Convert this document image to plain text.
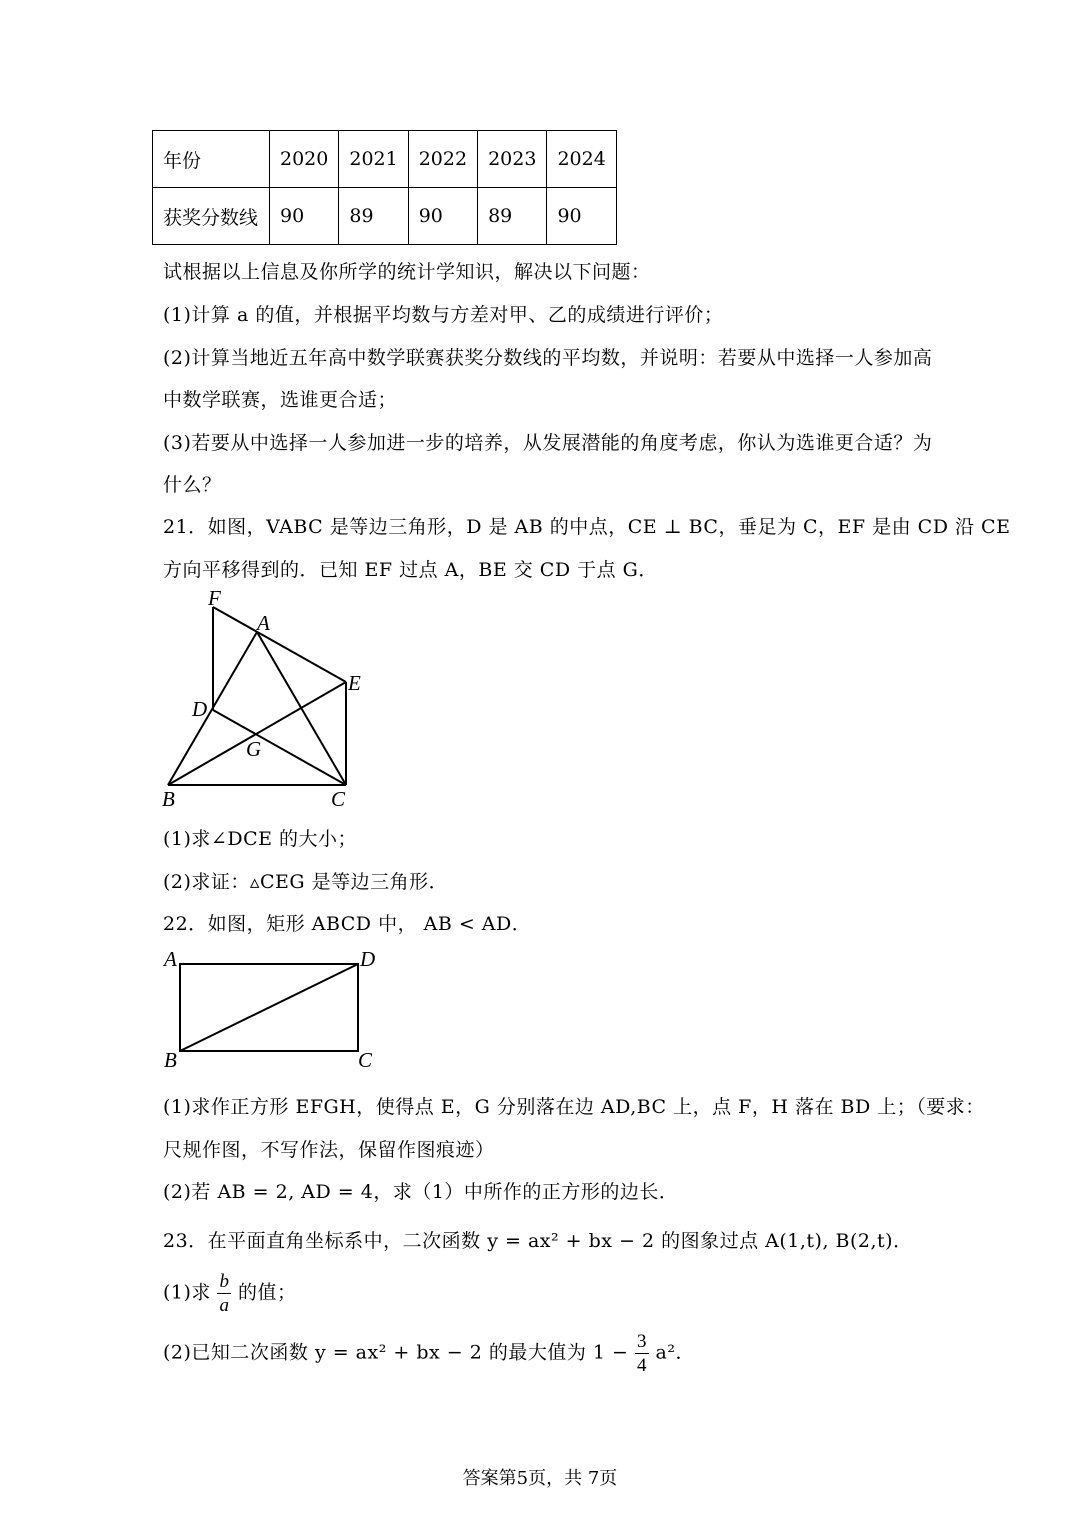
年份	2020	2021	2022	2023	2024
获奖分数线	90	89	90	89	90
试根据以上信息及你所学的统计学知识，解决以下问题：
(1)计算 a 的值，并根据平均数与方差对甲、乙的成绩进行评价；
(2)计算当地近五年高中数学联赛获奖分数线的平均数，并说明：若要从中选择一人参加高
中数学联赛，选谁更合适；
(3)若要从中选择一人参加进一步的培养，从发展潜能的角度考虑，你认为选谁更合适？为
什么？
21．如图，VABC 是等边三角形，D 是 AB 的中点，CE ⊥ BC，垂足为 C，EF 是由 CD 沿 CE
方向平移得到的．已知 EF 过点 A，BE 交 CD 于点 G．
F
A
E
D
G
B	C
(1)求∠DCE 的大小；
(2)求证：▵CEG 是等边三角形．
22．如图，矩形 ABCD 中， AB < AD．
A	D
B	C
(1)求作正方形 EFGH，使得点 E，G 分别落在边 AD,BC 上，点 F，H 落在 BD 上；（要求：
尺规作图，不写作法，保留作图痕迹）
(2)若 AB = 2, AD = 4，求（1）中所作的正方形的边长．
23．在平面直角坐标系中，二次函数 y = ax² + bx − 2 的图象过点 A(1,t), B(2,t)．
(1)求 $\frac{b}{a}$ 的值；
(2)已知二次函数 y = ax² + bx − 2 的最大值为 $1 - \frac{3}{4} a^2$．
答案第5页，共 7页
